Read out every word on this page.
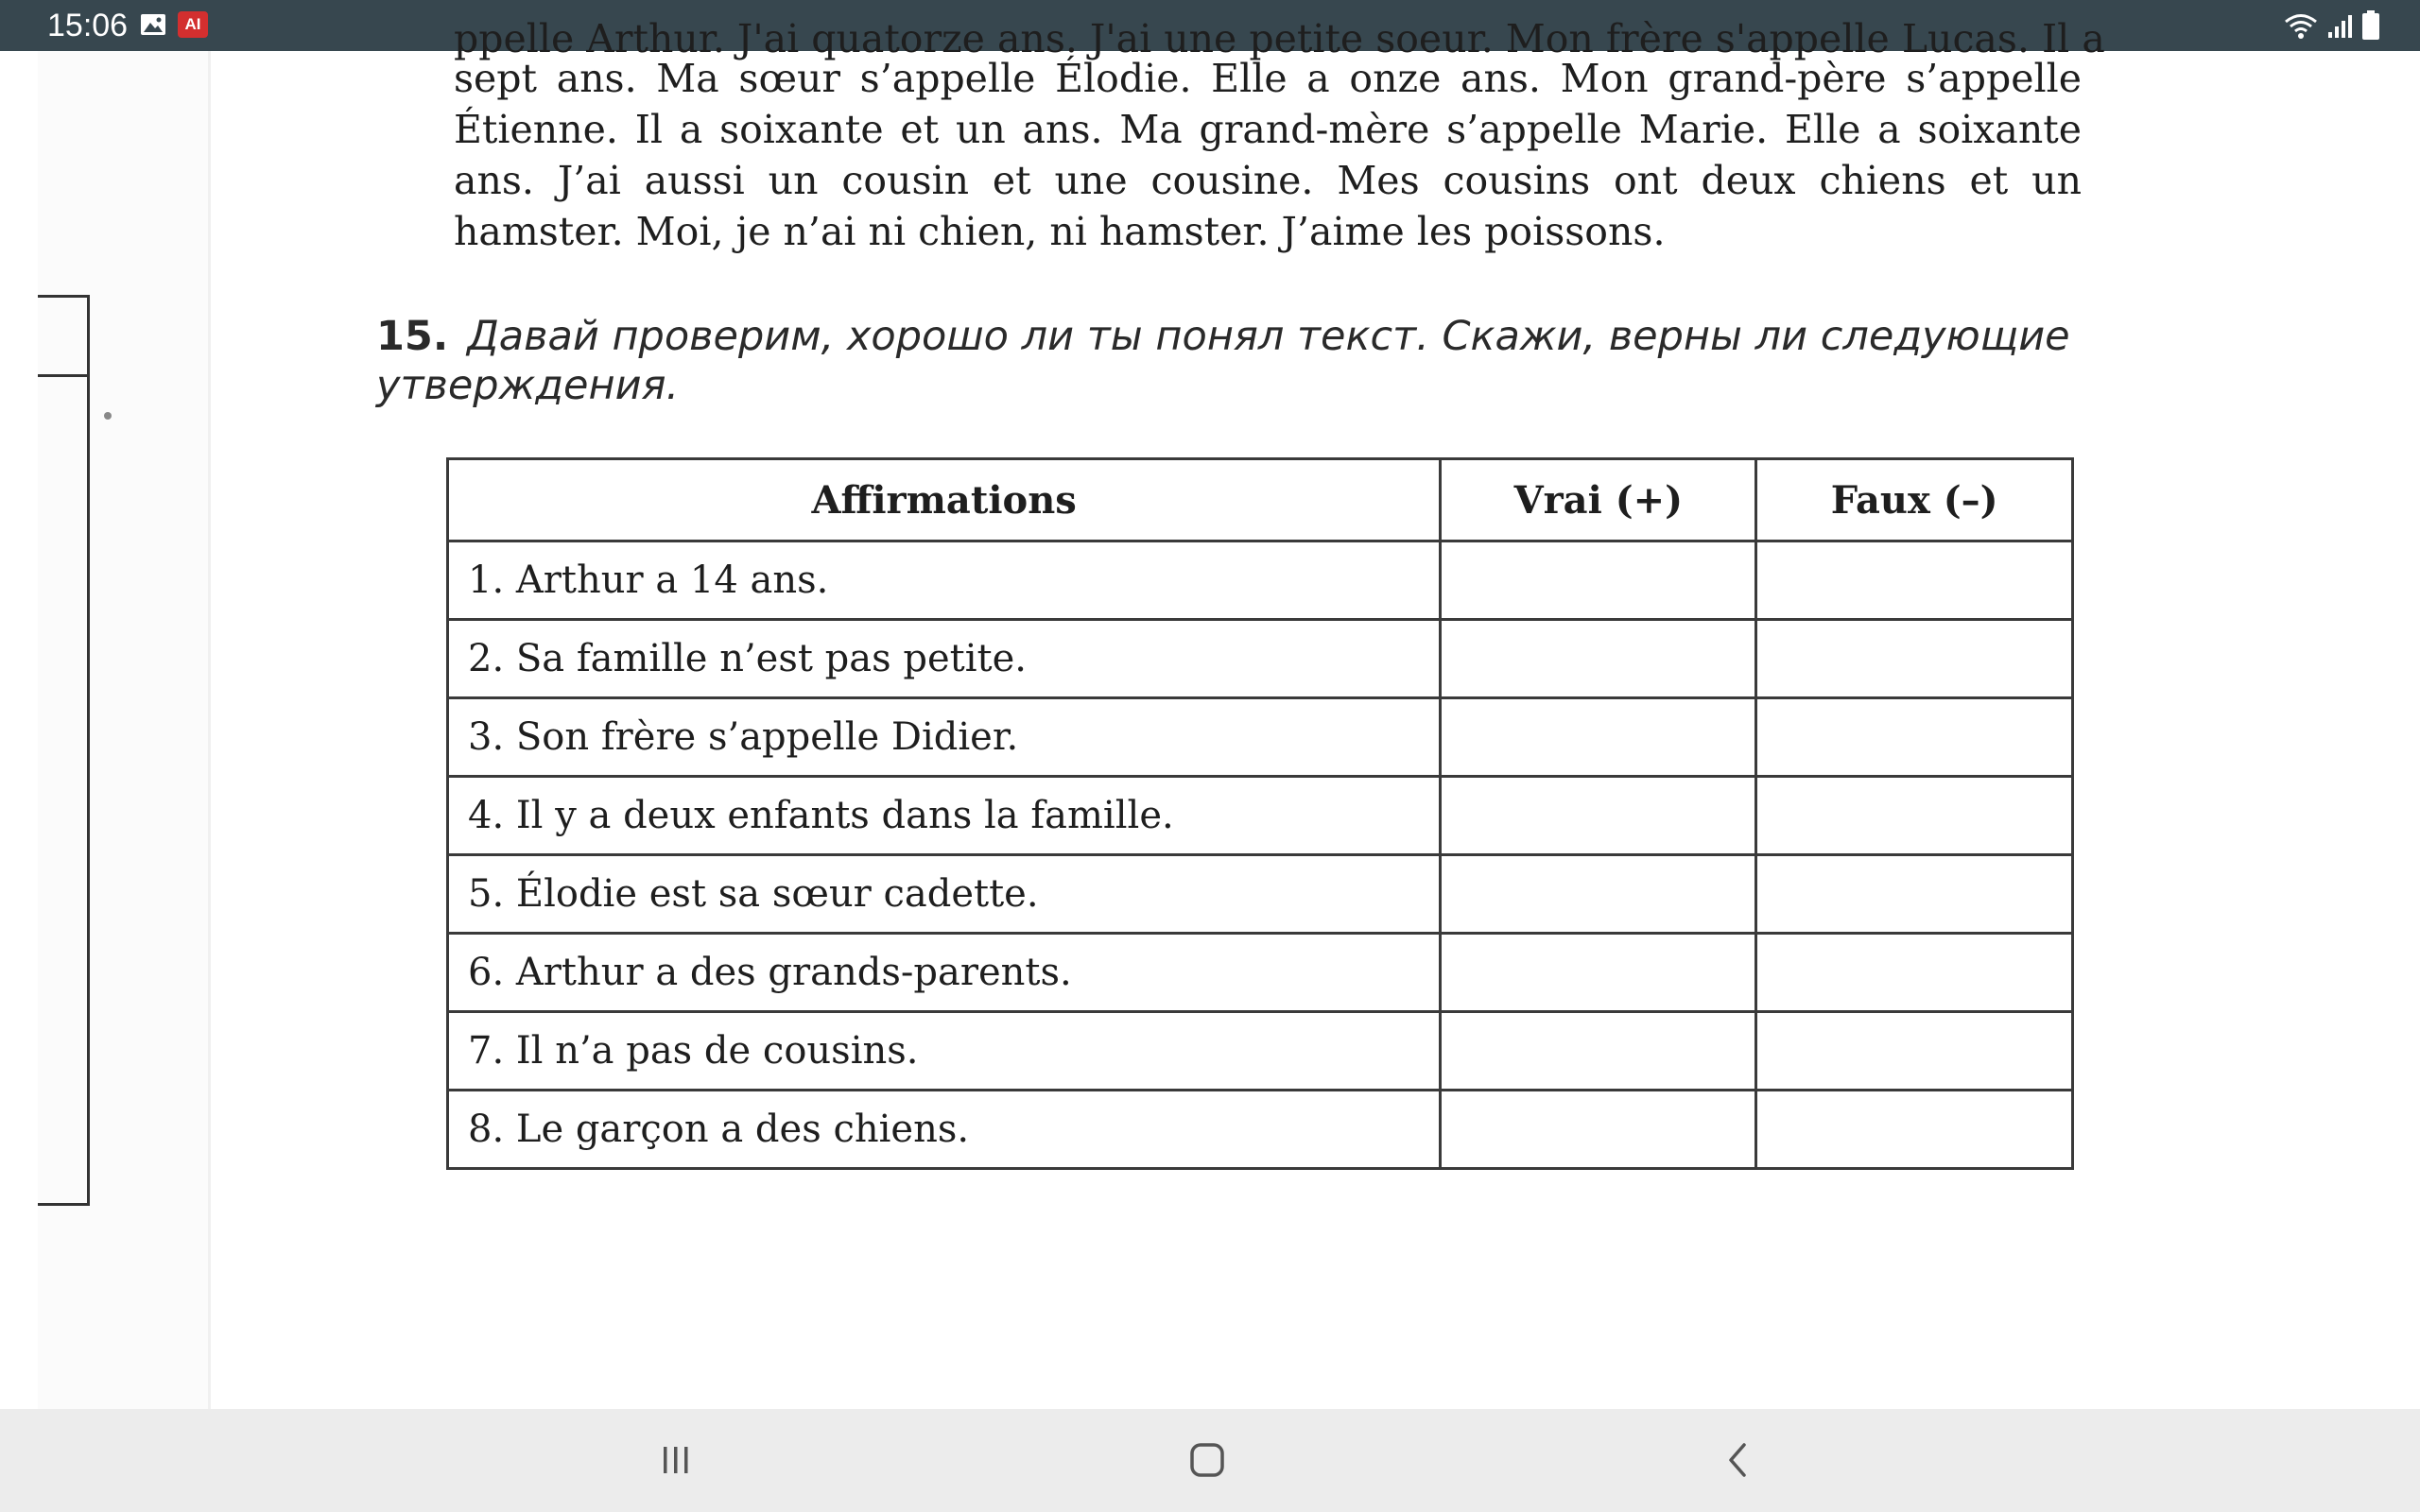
15:06	AI	ppelle Arthur. J'ai quatorze ans. J'ai une petite soeur. Mon frère s'appelle Lucas. Il a
sept ans. Ma sœur s’appelle Élodie. Elle a onze ans. Mon grand-père s’appelle Étienne. Il a soixante et un ans. Ma grand-mère s’appelle Marie. Elle a soixante ans. J’ai aussi un cousin et une cousine. Mes cousins ont deux chiens et un hamster. Moi, je n’ai ni chien, ni hamster. J’aime les poissons.
15. Давай проверим, хорошо ли ты понял текст. Скажи, верны ли следующие утверждения.
Affirmations	Vrai (+)	Faux (–)
1. Arthur a 14 ans.		
2. Sa famille n’est pas petite.		
3. Son frère s’appelle Didier.		
4. Il y a deux enfants dans la famille.		
5. Élodie est sa sœur cadette.		
6. Arthur a des grands-parents.		
7. Il n’a pas de cousins.		
8. Le garçon a des chiens.		
